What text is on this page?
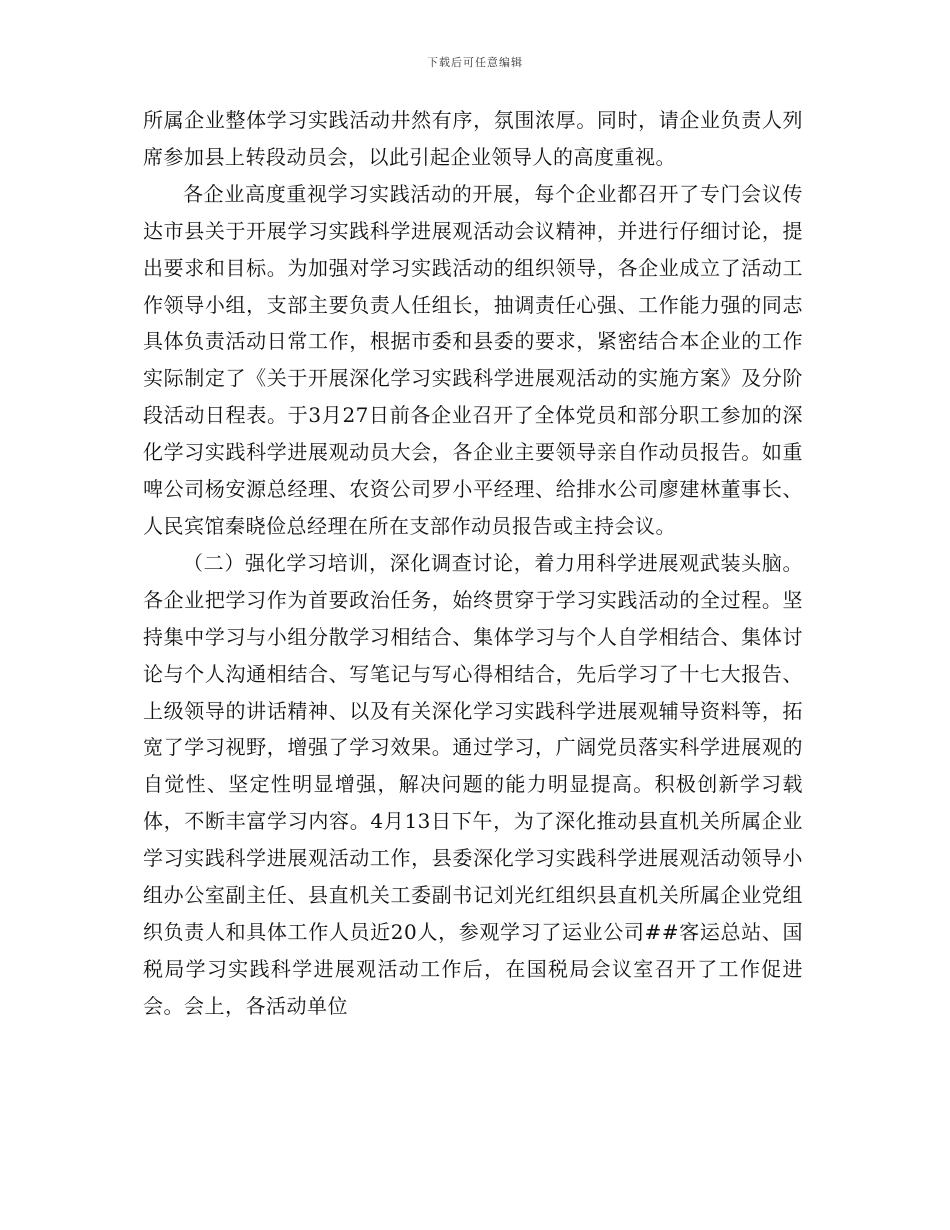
下载后可任意编辑

所属企业整体学习实践活动井然有序，氛围浓厚。同时，请企业负责人列席参加县上转段动员会，以此引起企业领导人的高度重视。

各企业高度重视学习实践活动的开展，每个企业都召开了专门会议传达市县关于开展学习实践科学进展观活动会议精神，并进行仔细讨论，提出要求和目标。为加强对学习实践活动的组织领导，各企业成立了活动工作领导小组，支部主要负责人任组长，抽调责任心强、工作能力强的同志具体负责活动日常工作，根据市委和县委的要求，紧密结合本企业的工作实际制定了《关于开展深化学习实践科学进展观活动的实施方案》及分阶段活动日程表。于3月27日前各企业召开了全体党员和部分职工参加的深化学习实践科学进展观动员大会，各企业主要领导亲自作动员报告。如重啤公司杨安源总经理、农资公司罗小平经理、给排水公司廖建林董事长、人民宾馆秦晓俭总经理在所在支部作动员报告或主持会议。

（二）强化学习培训，深化调查讨论，着力用科学进展观武装头脑。各企业把学习作为首要政治任务，始终贯穿于学习实践活动的全过程。坚持集中学习与小组分散学习相结合、集体学习与个人自学相结合、集体讨论与个人沟通相结合、写笔记与写心得相结合，先后学习了十七大报告、上级领导的讲话精神、以及有关深化学习实践科学进展观辅导资料等，拓宽了学习视野，增强了学习效果。通过学习，广阔党员落实科学进展观的自觉性、坚定性明显增强，解决问题的能力明显提高。积极创新学习载体，不断丰富学习内容。4月13日下午，为了深化推动县直机关所属企业学习实践科学进展观活动工作，县委深化学习实践科学进展观活动领导小组办公室副主任、县直机关工委副书记刘光红组织县直机关所属企业党组织负责人和具体工作人员近20人，参观学习了运业公司##客运总站、国税局学习实践科学进展观活动工作后，在国税局会议室召开了工作促进会。会上，各活动单位
